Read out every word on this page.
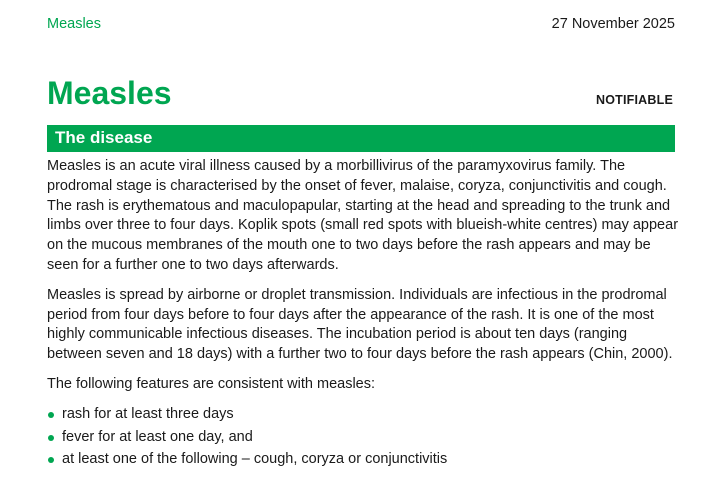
Measles	27 November 2025
Measles	NOTIFIABLE
The disease

Measles is an acute viral illness caused by a morbillivirus of the paramyxovirus family. The prodromal stage is characterised by the onset of fever, malaise, coryza, conjunctivitis and cough. The rash is erythematous and maculopapular, starting at the head and spreading to the trunk and limbs over three to four days. Koplik spots (small red spots with blueish-white centres) may appear on the mucous membranes of the mouth one to two days before the rash appears and may be seen for a further one to two days afterwards.

Measles is spread by airborne or droplet transmission. Individuals are infectious in the prodromal period from four days before to four days after the appearance of the rash. It is one of the most highly communicable infectious diseases. The incubation period is about ten days (ranging between seven and 18 days) with a further two to four days before the rash appears (Chin, 2000).

The following features are consistent with measles:

rash for at least three days
fever for at least one day, and
at least one of the following – cough, coryza or conjunctivitis
